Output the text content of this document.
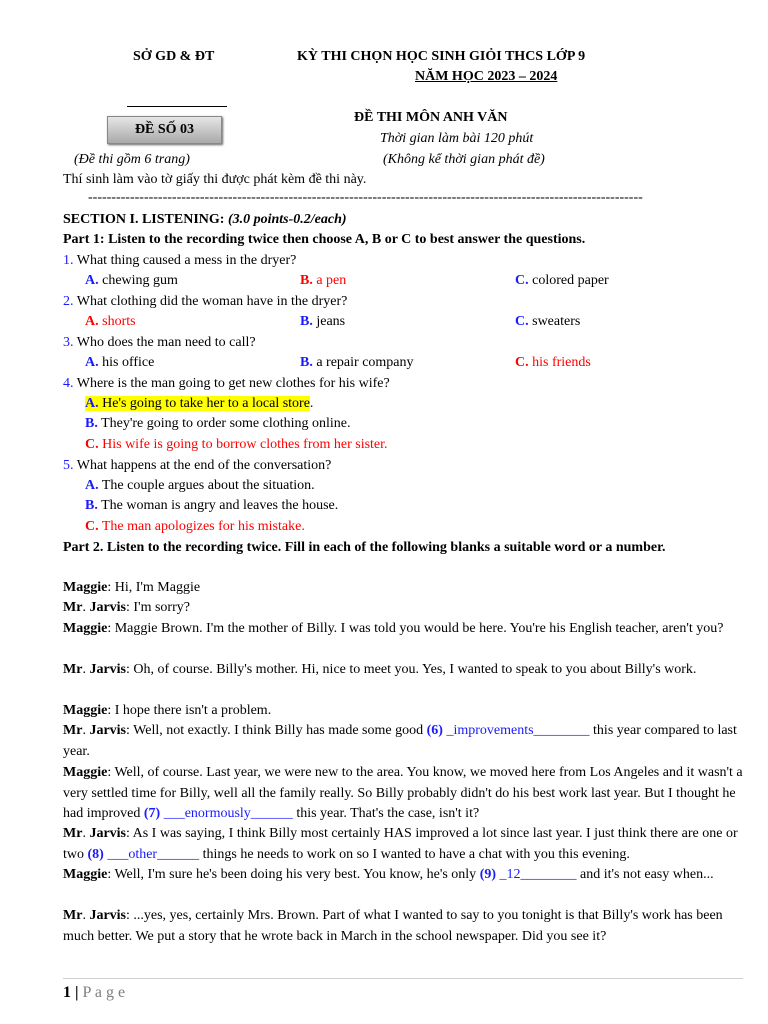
SỞ GD & ĐT	KỲ THI CHỌN HỌC SINH GIỎI THCS LỚP 9
NĂM HỌC 2023 – 2024
ĐỀ SỐ 03
ĐỀ THI MÔN ANH VĂN
Thời gian làm bài 120 phút
(Đề thi gồm 6 trang)	(Không kể thời gian phát đề)
Thí sinh làm vào tờ giấy thi được phát kèm đề thi này.
-----------------------------------------------------------------------------------------------------------------------
SECTION I. LISTENING: (3.0 points-0.2/each)
Part 1: Listen to the recording twice then choose A, B or C to best answer the questions.
1. What thing caused a mess in the dryer?
A. chewing gum	B. a pen	C. colored paper
2. What clothing did the woman have in the dryer?
A. shorts	B. jeans	C. sweaters
3. Who does the man need to call?
A. his office	B. a repair company	C. his friends
4. Where is the man going to get new clothes for his wife?
A. He's going to take her to a local store.
B. They're going to order some clothing online.
C. His wife is going to borrow clothes from her sister.
5. What happens at the end of the conversation?
A. The couple argues about the situation.
B. The woman is angry and leaves the house.
C. The man apologizes for his mistake.
Part 2. Listen to the recording twice. Fill in each of the following blanks a suitable word or a number.
Maggie: Hi, I'm Maggie
Mr. Jarvis: I'm sorry?
Maggie: Maggie Brown. I'm the mother of Billy. I was told you would be here. You're his English teacher, aren't you?
Mr. Jarvis: Oh, of course. Billy's mother. Hi, nice to meet you. Yes, I wanted to speak to you about Billy's work.
Maggie: I hope there isn't a problem.
Mr. Jarvis: Well, not exactly. I think Billy has made some good (6) _improvements________ this year compared to last year.
Maggie: Well, of course. Last year, we were new to the area. You know, we moved here from Los Angeles and it wasn't a very settled time for Billy, well all the family really. So Billy probably didn't do his best work last year. But I thought he had improved (7) ___enormously______ this year. That's the case, isn't it?
Mr. Jarvis: As I was saying, I think Billy most certainly HAS improved a lot since last year. I just think there are one or two (8) ___other______ things he needs to work on so I wanted to have a chat with you this evening.
Maggie: Well, I'm sure he's been doing his very best. You know, he's only (9) _12________ and it's not easy when...
Mr. Jarvis: ...yes, yes, certainly Mrs. Brown. Part of what I wanted to say to you tonight is that Billy's work has been much better. We put a story that he wrote back in March in the school newspaper. Did you see it?
1 | P a g e
